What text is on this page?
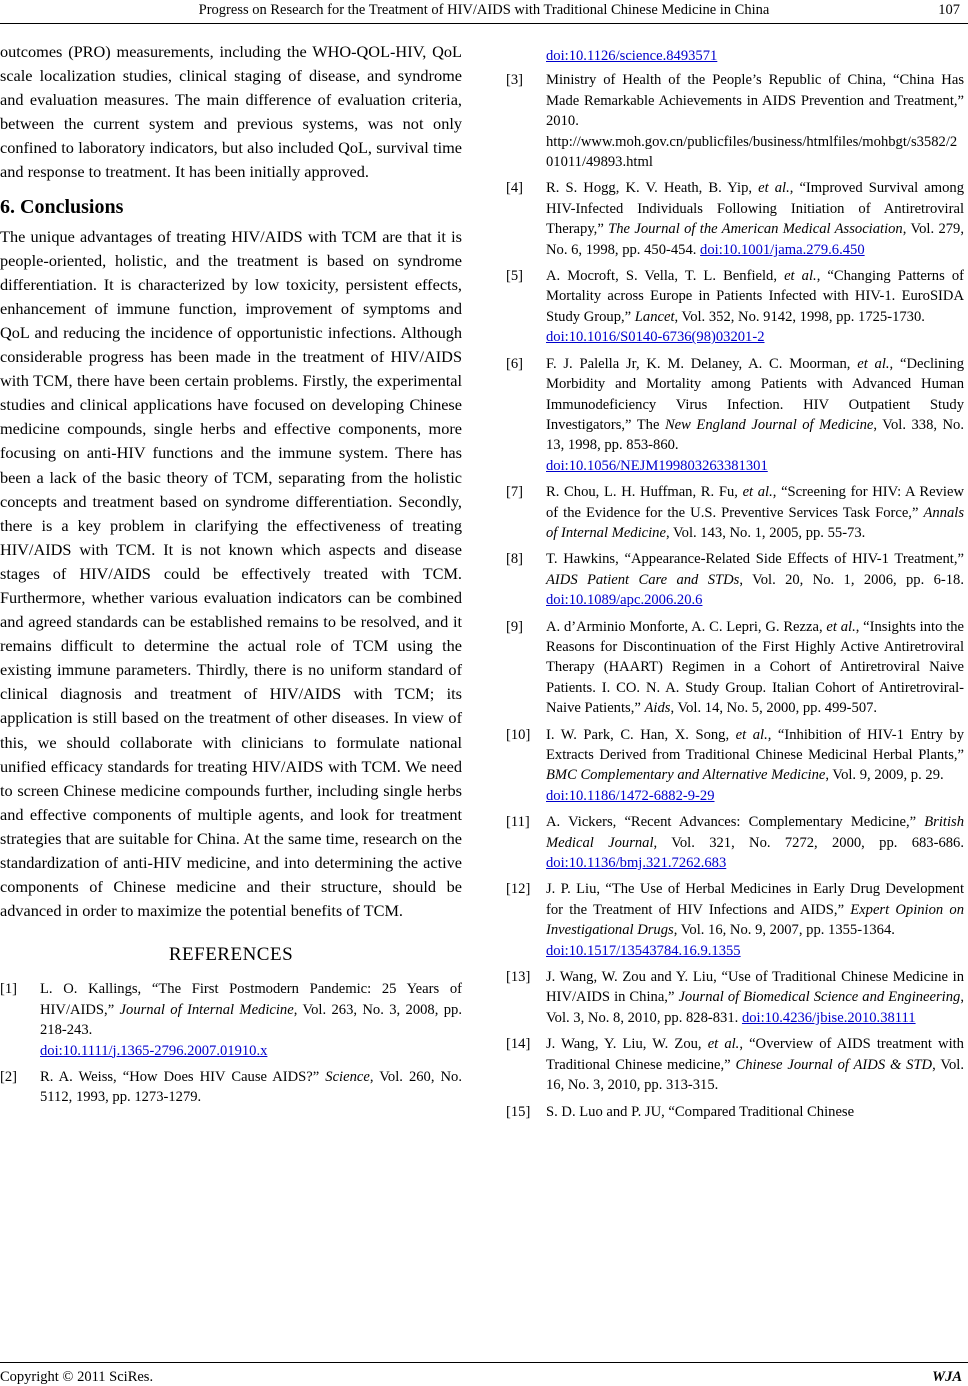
Progress on Research for the Treatment of HIV/AIDS with Traditional Chinese Medicine in China	107

outcomes (PRO) measurements, including the WHO-QOL-HIV, QoL scale localization studies, clinical staging of disease, and syndrome and evaluation measures. The main difference of evaluation criteria, between the current system and previous systems, was not only confined to laboratory indicators, but also included QoL, survival time and response to treatment. It has been initially approved.

6. Conclusions

The unique advantages of treating HIV/AIDS with TCM are that it is people-oriented, holistic, and the treatment is based on syndrome differentiation. It is characterized by low toxicity, persistent effects, enhancement of immune function, improvement of symptoms and QoL and reducing the incidence of opportunistic infections. Although considerable progress has been made in the treatment of HIV/AIDS with TCM, there have been certain problems. Firstly, the experimental studies and clinical applications have focused on developing Chinese medicine compounds, single herbs and effective components, more focusing on anti-HIV functions and the immune system. There has been a lack of the basic theory of TCM, separating from the holistic concepts and treatment based on syndrome differentiation. Secondly, there is a key problem in clarifying the effectiveness of treating HIV/AIDS with TCM. It is not known which aspects and disease stages of HIV/AIDS could be effectively treated with TCM. Furthermore, whether various evaluation indicators can be combined and agreed standards can be established remains to be resolved, and it remains difficult to determine the actual role of TCM using the existing immune parameters. Thirdly, there is no uniform standard of clinical diagnosis and treatment of HIV/AIDS with TCM; its application is still based on the treatment of other diseases. In view of this, we should collaborate with clinicians to formulate national unified efficacy standards for treating HIV/AIDS with TCM. We need to screen Chinese medicine compounds further, including single herbs and effective components of multiple agents, and look for treatment strategies that are suitable for China. At the same time, research on the standardization of anti-HIV medicine, and into determining the active components of Chinese medicine and their structure, should be advanced in order to maximize the potential benefits of TCM.

REFERENCES
[1]	L. O. Kallings, “The First Postmodern Pandemic: 25 Years of HIV/AIDS,” Journal of Internal Medicine, Vol. 263, No. 3, 2008, pp. 218-243.
doi:10.1111/j.1365-2796.2007.01910.x
[2]	R. A. Weiss, “How Does HIV Cause AIDS?” Science, Vol. 260, No. 5112, 1993, pp. 1273-1279.
doi:10.1126/science.8493571
[3]	Ministry of Health of the People’s Republic of China, “China Has Made Remarkable Achievements in AIDS Prevention and Treatment,” 2010.
http://www.moh.gov.cn/publicfiles/business/htmlfiles/mohbgt/s3582/201011/49893.html
[4]	R. S. Hogg, K. V. Heath, B. Yip, et al., “Improved Survival among HIV-Infected Individuals Following Initiation of Antiretroviral Therapy,” The Journal of the American Medical Association, Vol. 279, No. 6, 1998, pp. 450-454. doi:10.1001/jama.279.6.450
[5]	A. Mocroft, S. Vella, T. L. Benfield, et al., “Changing Patterns of Mortality across Europe in Patients Infected with HIV-1. EuroSIDA Study Group,” Lancet, Vol. 352, No. 9142, 1998, pp. 1725-1730.
doi:10.1016/S0140-6736(98)03201-2
[6]	F. J. Palella Jr, K. M. Delaney, A. C. Moorman, et al., “Declining Morbidity and Mortality among Patients with Advanced Human Immunodeficiency Virus Infection. HIV Outpatient Study Investigators,” The New England Journal of Medicine, Vol. 338, No. 13, 1998, pp. 853-860.
doi:10.1056/NEJM199803263381301
[7]	R. Chou, L. H. Huffman, R. Fu, et al., “Screening for HIV: A Review of the Evidence for the U.S. Preventive Services Task Force,” Annals of Internal Medicine, Vol. 143, No. 1, 2005, pp. 55-73.
[8]	T. Hawkins, “Appearance-Related Side Effects of HIV-1 Treatment,” AIDS Patient Care and STDs, Vol. 20, No. 1, 2006, pp. 6-18. doi:10.1089/apc.2006.20.6
[9]	A. d’Arminio Monforte, A. C. Lepri, G. Rezza, et al., “Insights into the Reasons for Discontinuation of the First Highly Active Antiretroviral Therapy (HAART) Regimen in a Cohort of Antiretroviral Naive Patients. I. CO. N. A. Study Group. Italian Cohort of Antiretroviral-Naive Patients,” Aids, Vol. 14, No. 5, 2000, pp. 499-507.
[10]	I. W. Park, C. Han, X. Song, et al., “Inhibition of HIV-1 Entry by Extracts Derived from Traditional Chinese Medicinal Herbal Plants,” BMC Complementary and Alternative Medicine, Vol. 9, 2009, p. 29.
doi:10.1186/1472-6882-9-29
[11]	A. Vickers, “Recent Advances: Complementary Medicine,” British Medical Journal, Vol. 321, No. 7272, 2000, pp. 683-686. doi:10.1136/bmj.321.7262.683
[12]	J. P. Liu, “The Use of Herbal Medicines in Early Drug Development for the Treatment of HIV Infections and AIDS,” Expert Opinion on Investigational Drugs, Vol. 16, No. 9, 2007, pp. 1355-1364.
doi:10.1517/13543784.16.9.1355
[13]	J. Wang, W. Zou and Y. Liu, “Use of Traditional Chinese Medicine in HIV/AIDS in China,” Journal of Biomedical Science and Engineering, Vol. 3, No. 8, 2010, pp. 828-831. doi:10.4236/jbise.2010.38111
[14]	J. Wang, Y. Liu, W. Zou, et al., “Overview of AIDS treatment with Traditional Chinese medicine,” Chinese Journal of AIDS & STD, Vol. 16, No. 3, 2010, pp. 313-315.
[15]	S. D. Luo and P. JU, “Compared Traditional Chinese
Copyright © 2011 SciRes.	WJA
